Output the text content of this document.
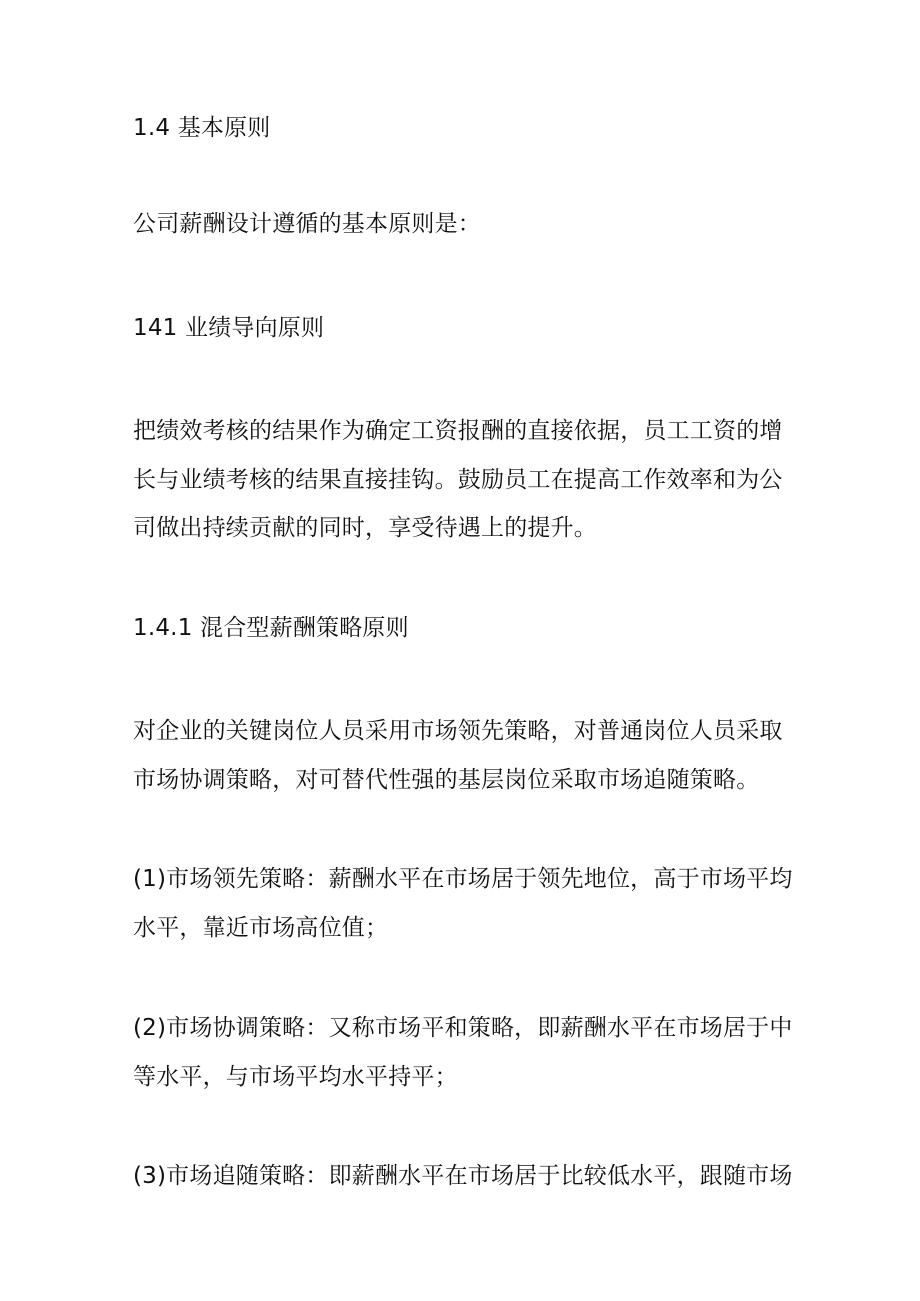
1.4 基本原则
公司薪酬设计遵循的基本原则是：
141 业绩导向原则
把绩效考核的结果作为确定工资报酬的直接依据，员工工资的增
长与业绩考核的结果直接挂钩。鼓励员工在提高工作效率和为公
司做出持续贡献的同时，享受待遇上的提升。
1.4.1 混合型薪酬策略原则
对企业的关键岗位人员采用市场领先策略，对普通岗位人员采取
市场协调策略，对可替代性强的基层岗位采取市场追随策略。
(1)市场领先策略：薪酬水平在市场居于领先地位，高于市场平均
水平，靠近市场高位值；
(2)市场协调策略：又称市场平和策略，即薪酬水平在市场居于中
等水平，与市场平均水平持平；
(3)市场追随策略：即薪酬水平在市场居于比较低水平，跟随市场
